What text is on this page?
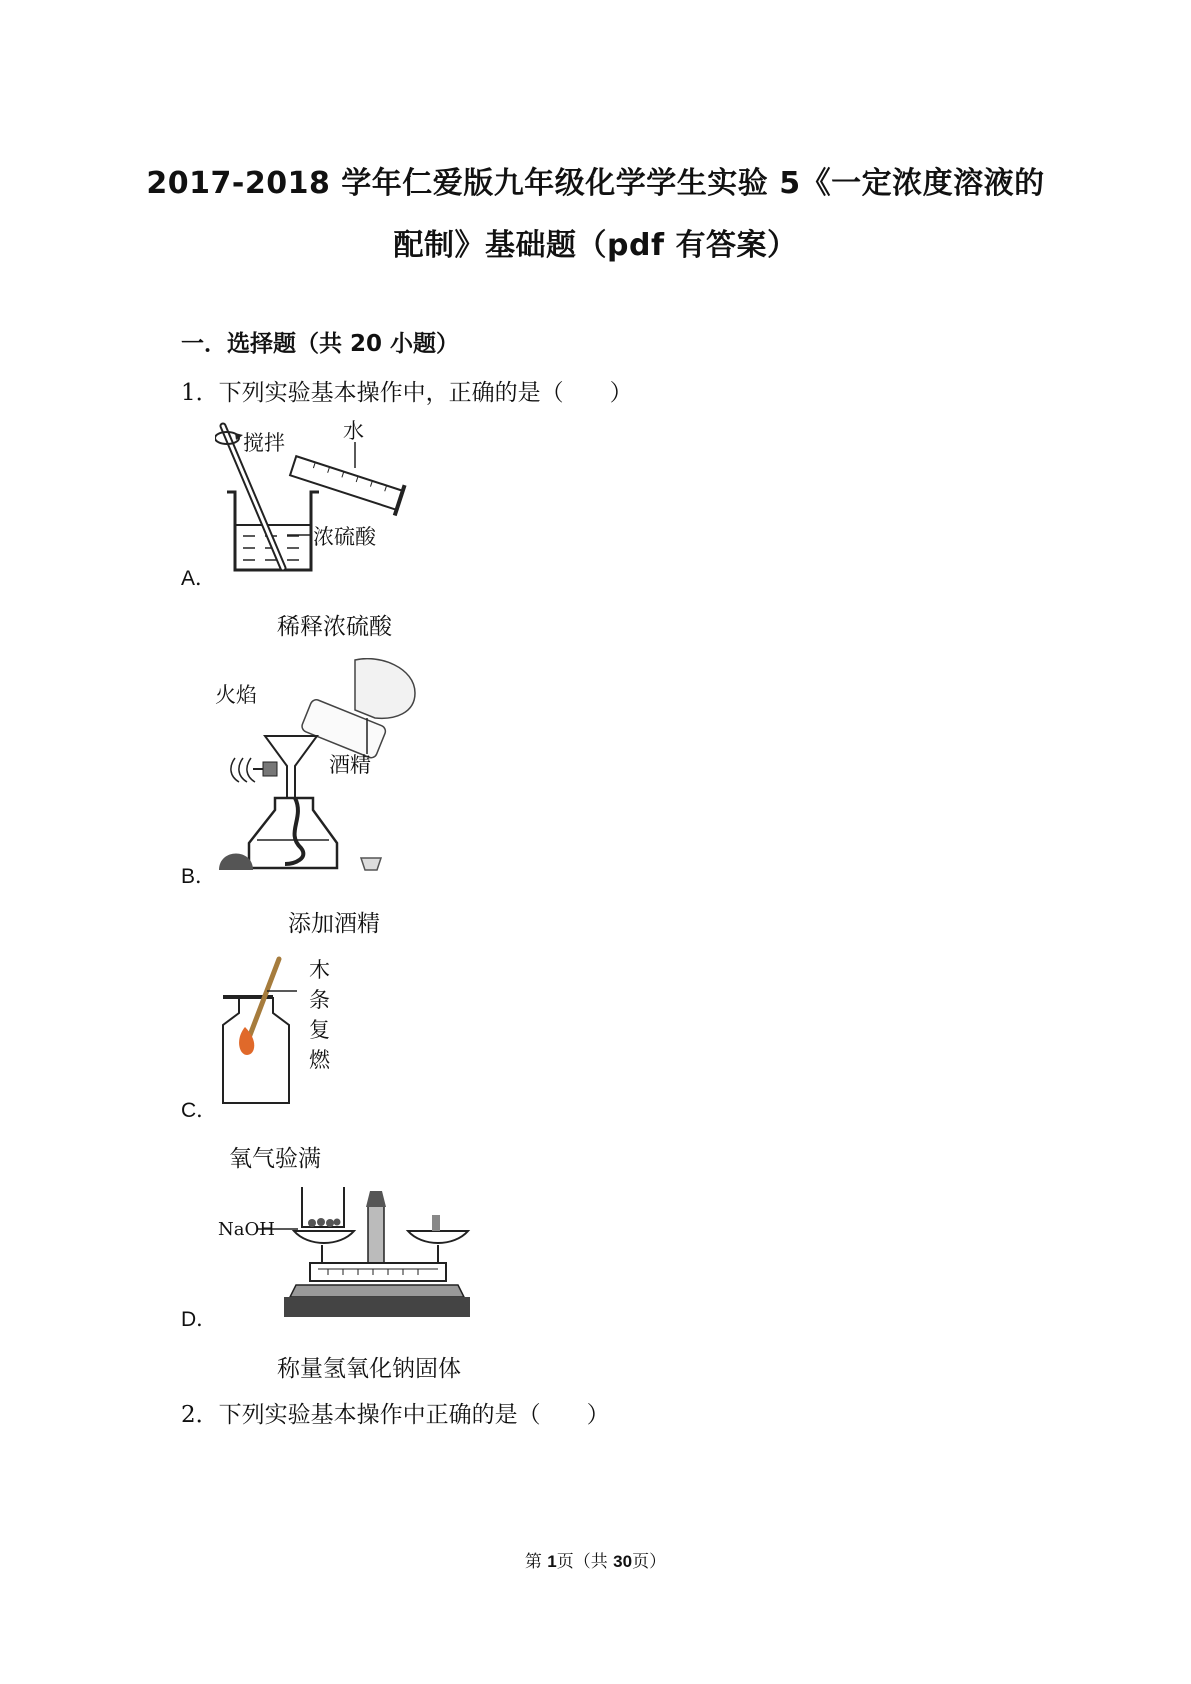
2017-2018 学年仁爱版九年级化学学生实验 5《一定浓度溶液的
配制》基础题（pdf 有答案）
一．选择题（共 20 小题）
1．下列实验基本操作中，正确的是（　　）
搅拌	水
浓硫酸
A．
稀释浓硫酸
火焰
酒精
B．
添加酒精
木
条
复
燃
C．
氧气验满
NaOH
D．
称量氢氧化钠固体
2．下列实验基本操作中正确的是（　　）
第 1页（共 30页）
